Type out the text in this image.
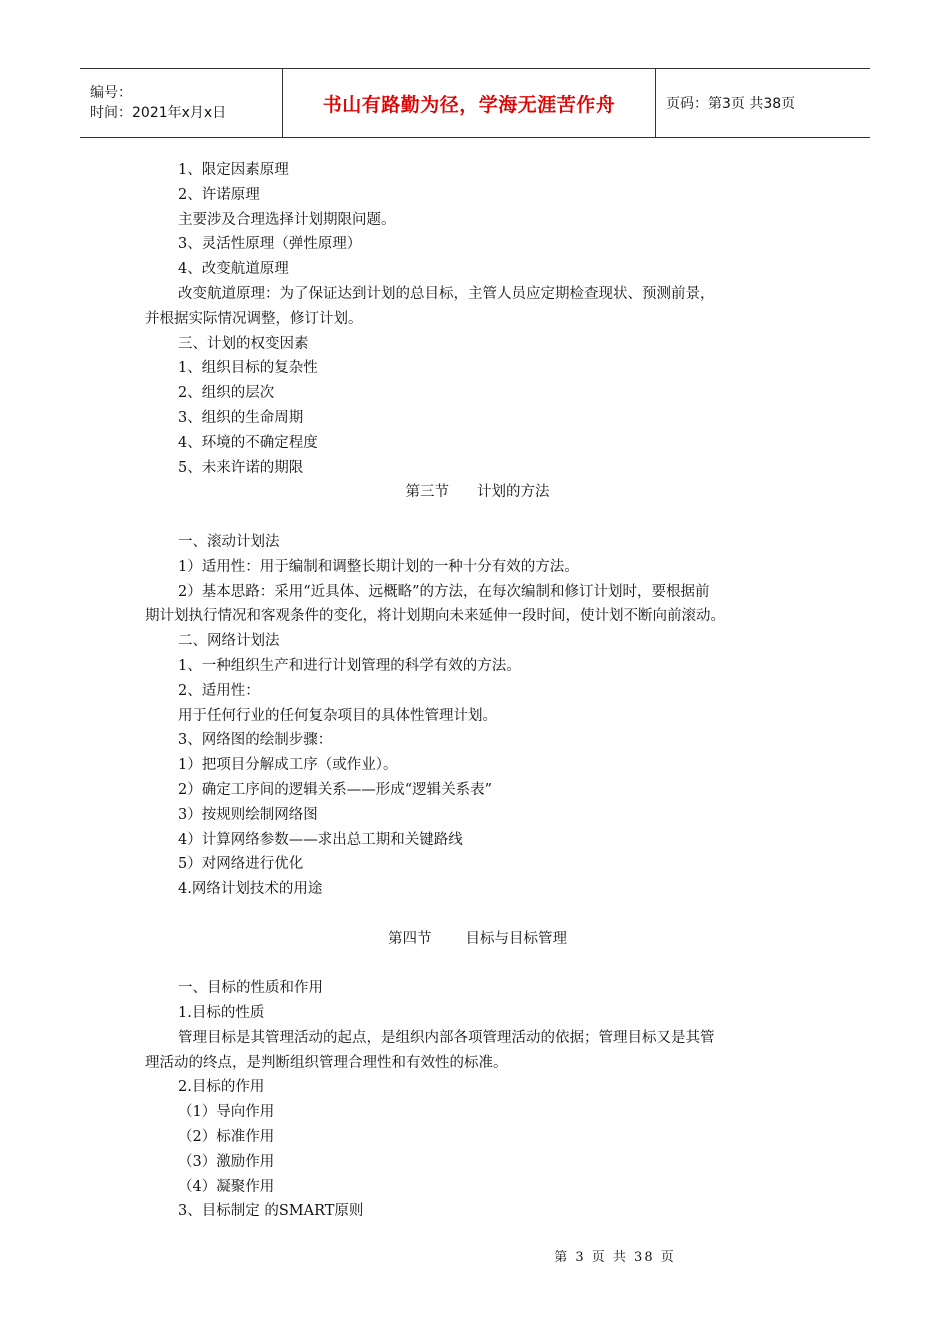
编号：
时间：2021年x月x日	书山有路勤为径，学海无涯苦作舟	页码：第3页 共38页
1、限定因素原理
2、许诺原理
主要涉及合理选择计划期限问题。
3、灵活性原理（弹性原理）
4、改变航道原理
改变航道原理：为了保证达到计划的总目标，主管人员应定期检查现状、预测前景，
并根据实际情况调整，修订计划。
三、计划的权变因素
1、组织目标的复杂性
2、组织的层次
3、组织的生命周期
4、环境的不确定程度
5、未来许诺的期限
第三节 计划的方法
一、滚动计划法
1）适用性：用于编制和调整长期计划的一种十分有效的方法。
2）基本思路：采用“近具体、远概略”的方法，在每次编制和修订计划时，要根据前
期计划执行情况和客观条件的变化，将计划期向未来延伸一段时间，使计划不断向前滚动。
二、网络计划法
1、一种组织生产和进行计划管理的科学有效的方法。
2、适用性：
用于任何行业的任何复杂项目的具体性管理计划。
3、网络图的绘制步骤：
1）把项目分解成工序（或作业）。
2）确定工序间的逻辑关系——形成“逻辑关系表”
3）按规则绘制网络图
4）计算网络参数——求出总工期和关键路线
5）对网络进行优化
4.网络计划技术的用途
第四节 目标与目标管理
一、目标的性质和作用
1.目标的性质
管理目标是其管理活动的起点，是组织内部各项管理活动的依据；管理目标又是其管
理活动的终点，是判断组织管理合理性和有效性的标准。
2.目标的作用
（1）导向作用
（2）标准作用
（3）激励作用
（4）凝聚作用
3、目标制定 的SMART原则
第 3 页 共 38 页
